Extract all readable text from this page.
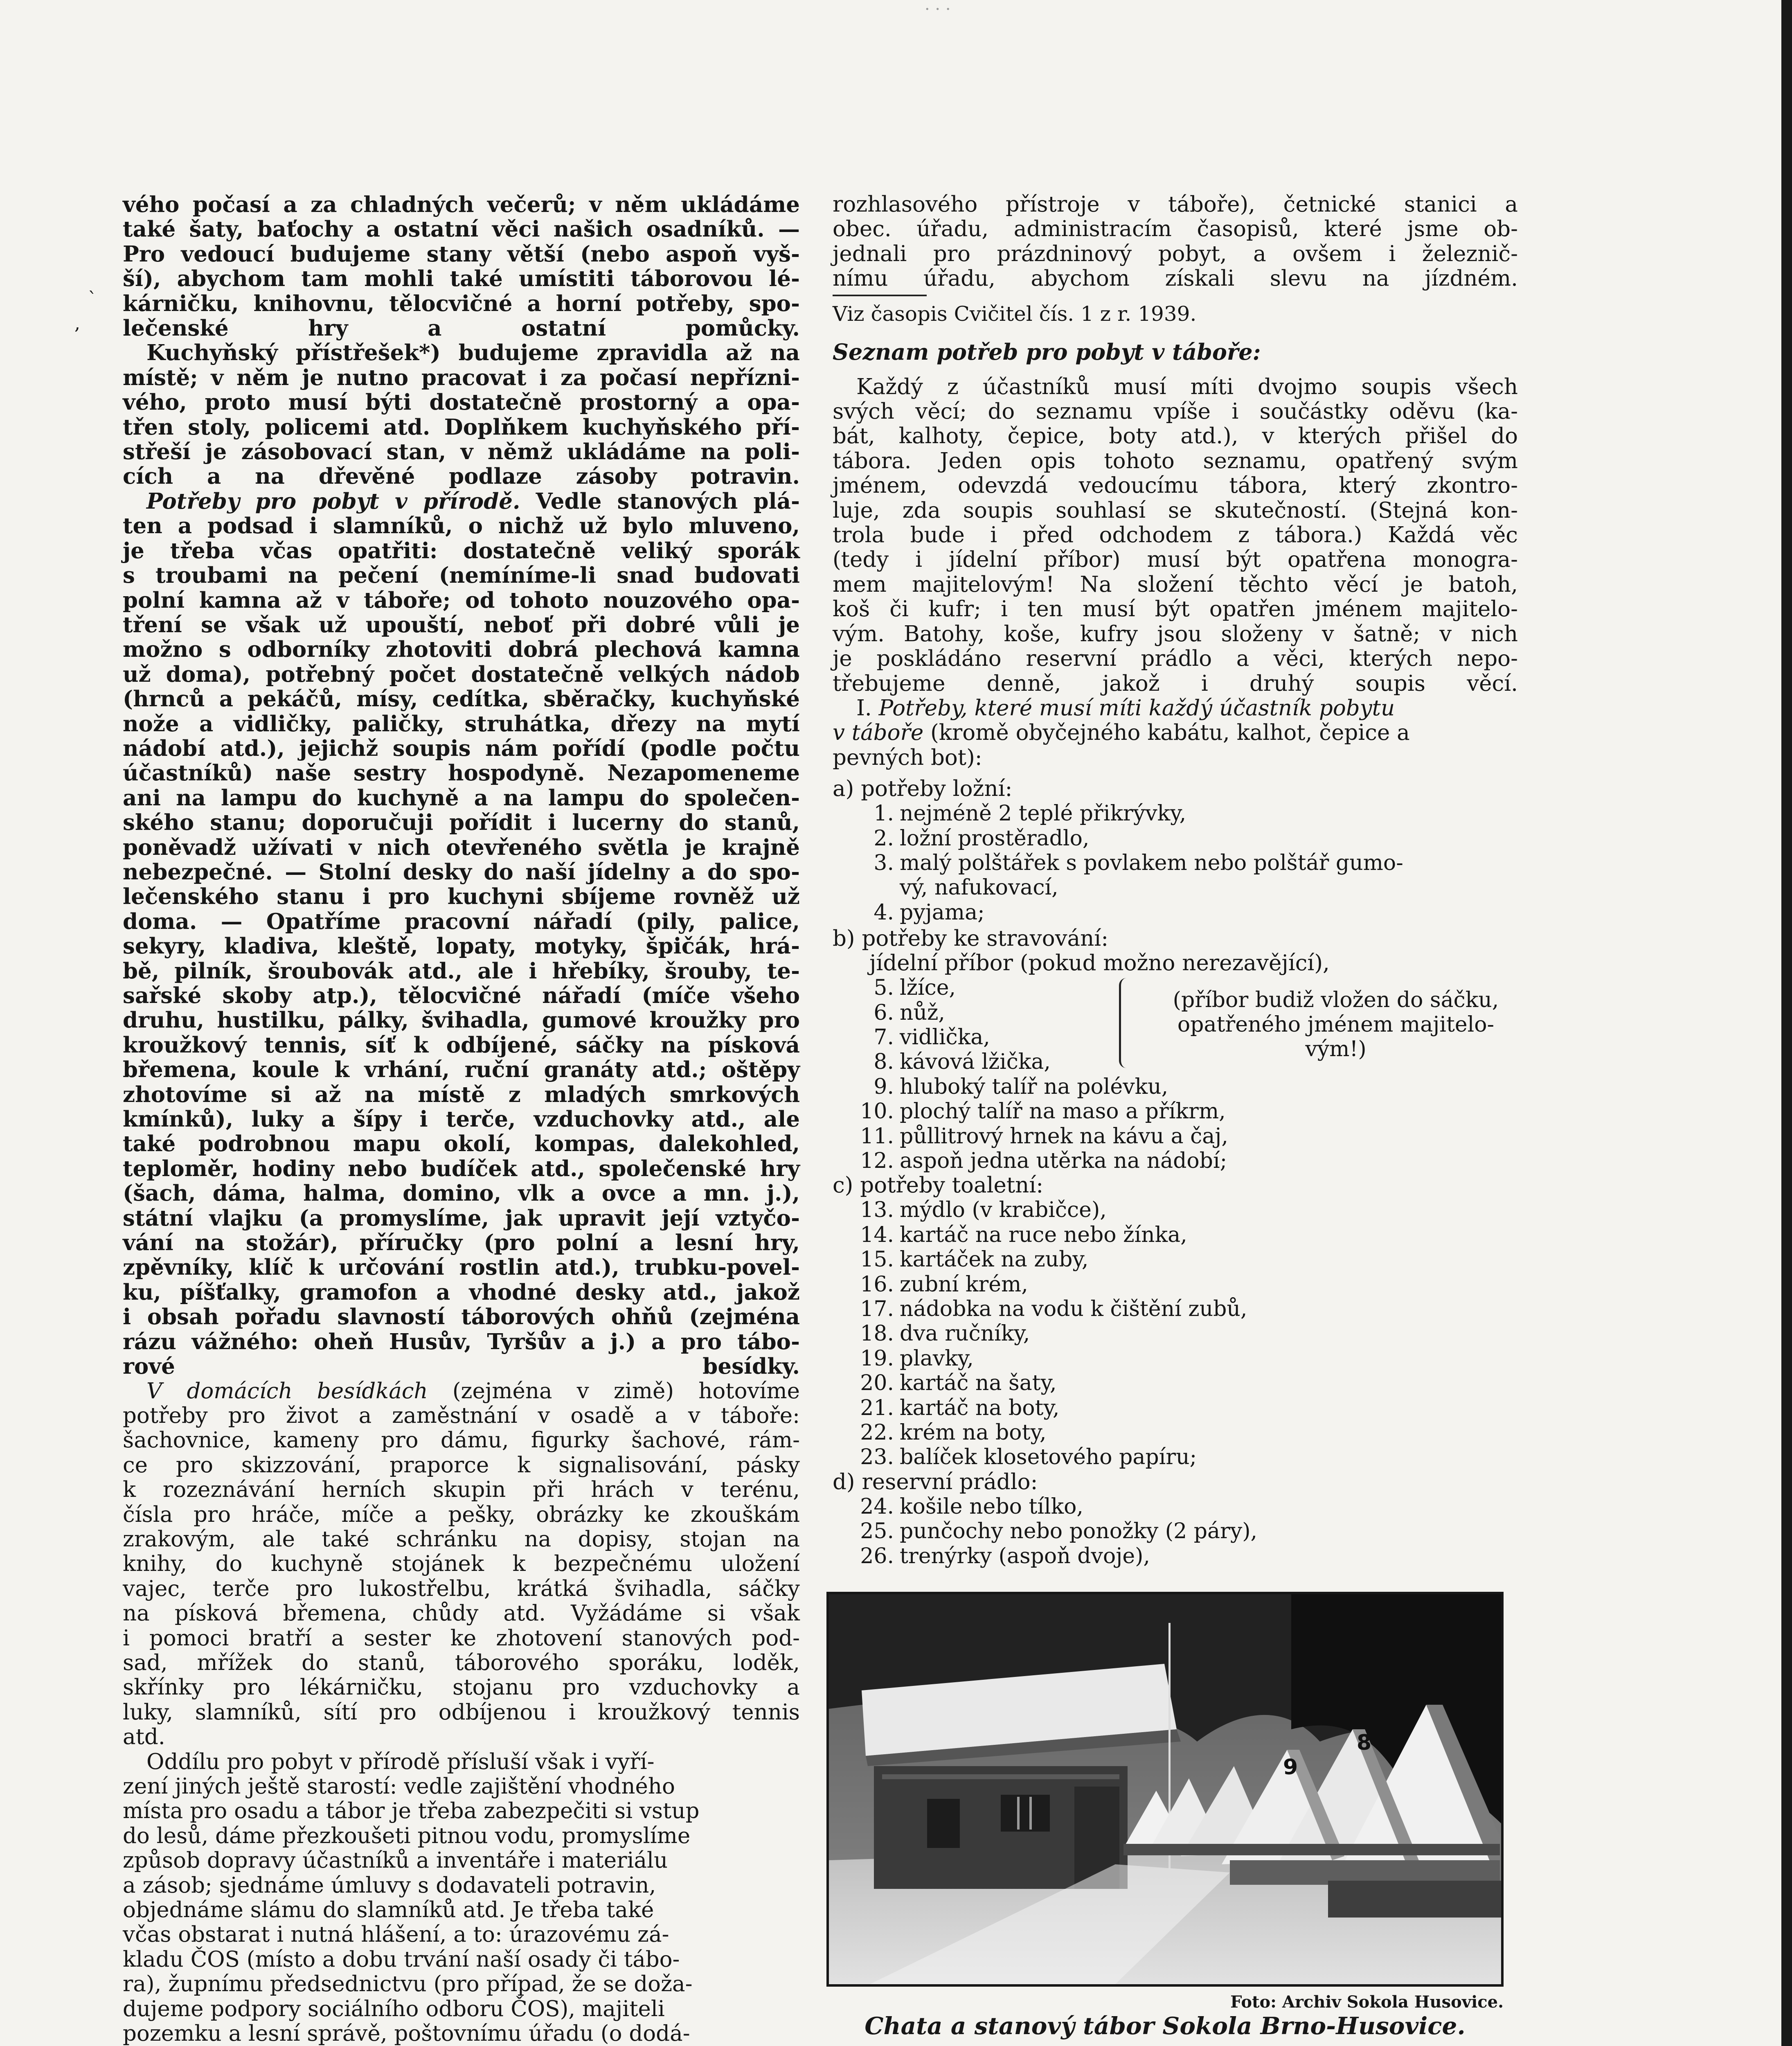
· · ·
`
,

vého počasí a za chladných večerů; v něm ukládáme
také šaty, baťochy a ostatní věci našich osadníků. —
Pro vedoucí budujeme stany větší (nebo aspoň vyš-
ší), abychom tam mohli také umístiti táborovou lé-
kárničku, knihovnu, tělocvičné a horní potřeby, spo-
lečenské hry a ostatní pomůcky.

Kuchyňský přístřešek*) budujeme zpravidla až na
místě; v něm je nutno pracovat i za počasí nepřízni-
vého, proto musí býti dostatečně prostorný a opa-
třen stoly, policemi atd. Doplňkem kuchyňského pří-
střeší je zásobovací stan, v němž ukládáme na poli-
cích a na dřevěné podlaze zásoby potravin.

Potřeby pro pobyt v přírodě. Vedle stanových plá-
ten a podsad i slamníků, o nichž už bylo mluveno,
je třeba včas opatřiti: dostatečně veliký sporák
s troubami na pečení (nemíníme-li snad budovati
polní kamna až v táboře; od tohoto nouzového opa-
tření se však už upouští, neboť při dobré vůli je
možno s odborníky zhotoviti dobrá plechová kamna
už doma), potřebný počet dostatečně velkých nádob
(hrnců a pekáčů, mísy, cedítka, sběračky, kuchyňské
nože a vidličky, paličky, struhátka, dřezy na mytí
nádobí atd.), jejichž soupis nám pořídí (podle počtu
účastníků) naše sestry hospodyně. Nezapomeneme
ani na lampu do kuchyně a na lampu do společen-
ského stanu; doporučuji pořídit i lucerny do stanů,
poněvadž užívati v nich otevřeného světla je krajně
nebezpečné. — Stolní desky do naší jídelny a do spo-
lečenského stanu i pro kuchyni sbíjeme rovněž už
doma. — Opatříme pracovní nářadí (pily, palice,
sekyry, kladiva, kleště, lopaty, motyky, špičák, hrá-
bě, pilník, šroubovák atd., ale i hřebíky, šrouby, te-
sařské skoby atp.), tělocvičné nářadí (míče všeho
druhu, hustilku, pálky, švihadla, gumové kroužky pro
kroužkový tennis, síť k odbíjené, sáčky na písková
břemena, koule k vrhání, ruční granáty atd.; oštěpy
zhotovíme si až na místě z mladých smrkových
kmínků), luky a šípy i terče, vzduchovky atd., ale
také podrobnou mapu okolí, kompas, dalekohled,
teploměr, hodiny nebo budíček atd., společenské hry
(šach, dáma, halma, domino, vlk a ovce a mn. j.),
státní vlajku (a promyslíme, jak upravit její vztyčo-
vání na stožár), příručky (pro polní a lesní hry,
zpěvníky, klíč k určování rostlin atd.), trubku-povel-
ku, píšťalky, gramofon a vhodné desky atd., jakož
i obsah pořadu slavností táborových ohňů (zejména
rázu vážného: oheň Husův, Tyršův a j.) a pro tábo-
rové besídky.

V domácích besídkách (zejména v zimě) hotovíme
potřeby pro život a zaměstnání v osadě a v táboře:
šachovnice, kameny pro dámu, figurky šachové, rám-
ce pro skizzování, praporce k signalisování, pásky
k rozeznávání herních skupin při hrách v terénu,
čísla pro hráče, míče a pešky, obrázky ke zkouškám
zrakovým, ale také schránku na dopisy, stojan na
knihy, do kuchyně stojánek k bezpečnému uložení
vajec, terče pro lukostřelbu, krátká švihadla, sáčky
na písková břemena, chůdy atd. Vyžádáme si však
i pomoci bratří a sester ke zhotovení stanových pod-
sad, mřížek do stanů, táborového sporáku, loděk,
skřínky pro lékárničku, stojanu pro vzduchovky a
luky, slamníků, sítí pro odbíjenou i kroužkový tennis
atd.

Oddílu pro pobyt v přírodě přísluší však i vyří-
zení jiných ještě starostí: vedle zajištění vhodného
místa pro osadu a tábor je třeba zabezpečiti si vstup
do lesů, dáme přezkoušeti pitnou vodu, promyslíme
způsob dopravy účastníků a inventáře i materiálu
a zásob; sjednáme úmluvy s dodavateli potravin,
objednáme slámu do slamníků atd. Je třeba také
včas obstarat i nutná hlášení, a to: úrazovému zá-
kladu ČOS (místo a dobu trvání naší osady či tábo-
ra), župnímu předsednictvu (pro případ, že se doža-
dujeme podpory sociálního odboru ČOS), majiteli
pozemku a lesní správě, poštovnímu úřadu (o dodá-

rozhlasového přístroje v táboře), četnické stanici a
obec. úřadu, administracím časopisů, které jsme ob-
jednali pro prázdninový pobyt, a ovšem i železnič-
nímu úřadu, abychom získali slevu na jízdném.

Viz časopis Cvičitel čís. 1 z r. 1939.

Seznam potřeb pro pobyt v táboře:

Každý z účastníků musí míti dvojmo soupis všech
svých věcí; do seznamu vpíše i součástky oděvu (ka-
bát, kalhoty, čepice, boty atd.), v kterých přišel do
tábora. Jeden opis tohoto seznamu, opatřený svým
jménem, odevzdá vedoucímu tábora, který zkontro-
luje, zda soupis souhlasí se skutečností. (Stejná kon-
trola bude i před odchodem z tábora.) Každá věc
(tedy i jídelní příbor) musí být opatřena monogra-
mem majitelovým! Na složení těchto věcí je batoh,
koš či kufr; i ten musí být opatřen jménem majitelo-
vým. Batohy, koše, kufry jsou složeny v šatně; v nich
je poskládáno reservní prádlo a věci, kterých nepo-
třebujeme denně, jakož i druhý soupis věcí.

I. Potřeby, které musí míti každý účastník pobytu
v táboře (kromě obyčejného kabátu, kalhot, čepice a
pevných bot):

a) potřeby ložní:

1. nejméně 2 teplé přikrývky,
2. ložní prostěradlo,
3. malý polštářek s povlakem nebo polštář gumo-
vý, nafukovací,
4. pyjama;

b) potřeby ke stravování:

jídelní příbor (pokud možno nerezavějící),

5. lžíce,
6. nůž,
7. vidlička,
8. kávová lžička,
(příbor budiž vložen do sáčku,
opatřeného jménem majitelo-
vým!)
9. hluboký talíř na polévku,
10. plochý talíř na maso a příkrm,
11. půllitrový hrnek na kávu a čaj,
12. aspoň jedna utěrka na nádobí;

c) potřeby toaletní:

13. mýdlo (v krabičce),
14. kartáč na ruce nebo žínka,
15. kartáček na zuby,
16. zubní krém,
17. nádobka na vodu k čištění zubů,
18. dva ručníky,
19. plavky,
20. kartáč na šaty,
21. kartáč na boty,
22. krém na boty,
23. balíček klosetového papíru;

d) reservní prádlo:

24. košile nebo tílko,
25. punčochy nebo ponožky (2 páry),
26. trenýrky (aspoň dvoje),
9
8
Foto: Archiv Sokola Husovice.
Chata a stanový tábor Sokola Brno-Husovice.
